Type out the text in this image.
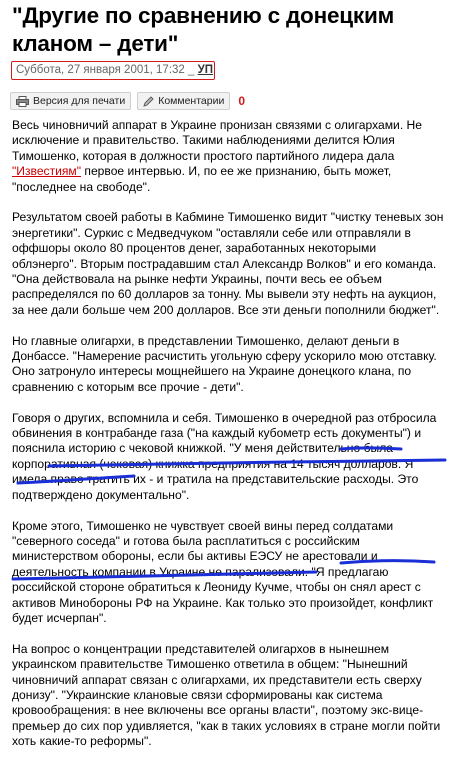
"Другие по сравнению с донецким кланом – дети"
Суббота, 27 января 2001, 17:32 _ УП
Версия для печати	Комментарии 0

Весь чиновничий аппарат в Украине пронизан связями с олигархами. Не исключение и правительство. Такими наблюдениями делится Юлия Тимошенко, которая в должности простого партийного лидера дала "Известиям" первое интервью. И, по ее же признанию, быть может, "последнее на свободе".

Результатом своей работы в Кабмине Тимошенко видит "чистку теневых зон энергетики". Суркис с Медведчуком "оставляли себе или отправляли в оффшоры около 80 процентов денег, заработанных некоторыми облэнерго". Вторым пострадавшим стал Александр Волков" и его команда. "Она действовала на рынке нефти Украины, почти весь ее объем распределялся по 60 долларов за тонну. Мы вывели эту нефть на аукцион, за нее дали больше чем 200 долларов. Все эти деньги пополнили бюджет".

Но главные олигархи, в представлении Тимошенко, делают деньги в Донбассе. "Намерение расчистить угольную сферу ускорило мою отставку. Оно затронуло интересы мощнейшего на Украине донецкого клана, по сравнению с которым все прочие - дети".

Говоря о других, вспомнила и себя. Тимошенко в очередной раз отбросила обвинения в контрабанде газа ("на каждый кубометр есть документы") и пояснила историю с чековой книжкой. "У меня действительно была корпоративная (чековая) книжка предприятия на 14 тысяч долларов. Я имела право тратить их - и тратила на представительские расходы. Это подтверждено документально".

Кроме этого, Тимошенко не чувствует своей вины перед солдатами "северного соседа" и готова была расплатиться с российским министерством обороны, если бы активы ЕЭСУ не арестовали и деятельность компании в Украине не парализовали. "Я предлагаю российской стороне обратиться к Леониду Кучме, чтобы он снял арест с активов Минобороны РФ на Украине. Как только это произойдет, конфликт будет исчерпан".

На вопрос о концентрации представителей олигархов в нынешнем украинском правительстве Тимошенко ответила в общем: "Нынешний чиновничий аппарат связан с олигархами, их представители есть сверху донизу". "Украинские клановые связи сформированы как система кровообращения: в нее включены все органы власти", поэтому экс-вице-премьер до сих пор удивляется, "как в таких условиях в стране могли пойти хоть какие-то реформы".
